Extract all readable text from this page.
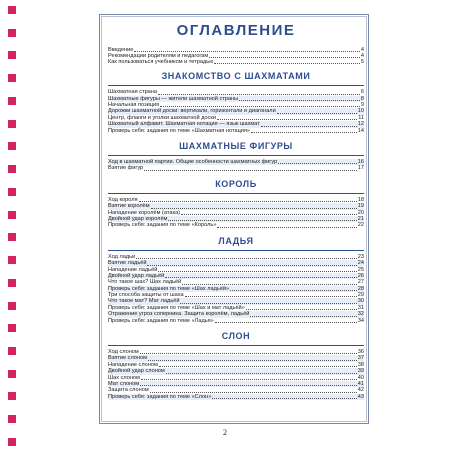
ОГЛАВЛЕНИЕ
Введение	4
Рекомендации родителям и педагогам	4
Как пользоваться учебником и тетрадью	5
ЗНАКОМСТВО С ШАХМАТАМИ
Шахматная страна	6
Шахматные фигуры — жители шахматной страны	8
Начальная позиция	9
Дорожки шахматной доски: вертикали, горизонтали и диагонали	10
Центр, фланги и уголки шахматной доски	11
Шахматный алфавит. Шахматная нотация — язык шахмат	12
Проверь себя: задания по теме «Шахматная нотация»	14
ШАХМАТНЫЕ ФИГУРЫ
Ход в шахматной партии. Общие особенности шахматных фигур	16
Взятие фигур	17
КОРОЛЬ
Ход короля	18
Взятие королём	19
Нападение королём (атака)	20
Двойной удар королём	21
Проверь себя: задания по теме «Король»	22
ЛАДЬЯ
Ход ладьи	23
Взятие ладьёй	24
Нападение ладьёй	25
Двойной удар ладьёй	26
Что такое шах? Шах ладьёй	27
Проверь себя: задания по теме «Шах ладьёй»	28
Три способа защиты от шаха	29
Что такое мат? Мат ладьёй	30
Проверь себя: задания по теме «Шах и мат ладьёй»	31
Отражение угроз соперника. Защита королём, ладьёй	32
Проверь себя: задания по теме «Ладья»	34
СЛОН
Ход слоном	36
Взятие слоном	37
Нападение слоном	38
Двойной удар слоном	39
Шах слоном	40
Мат слоном	41
Защита слоном	42
Проверь себя: задания по теме «Слон»	43
2
